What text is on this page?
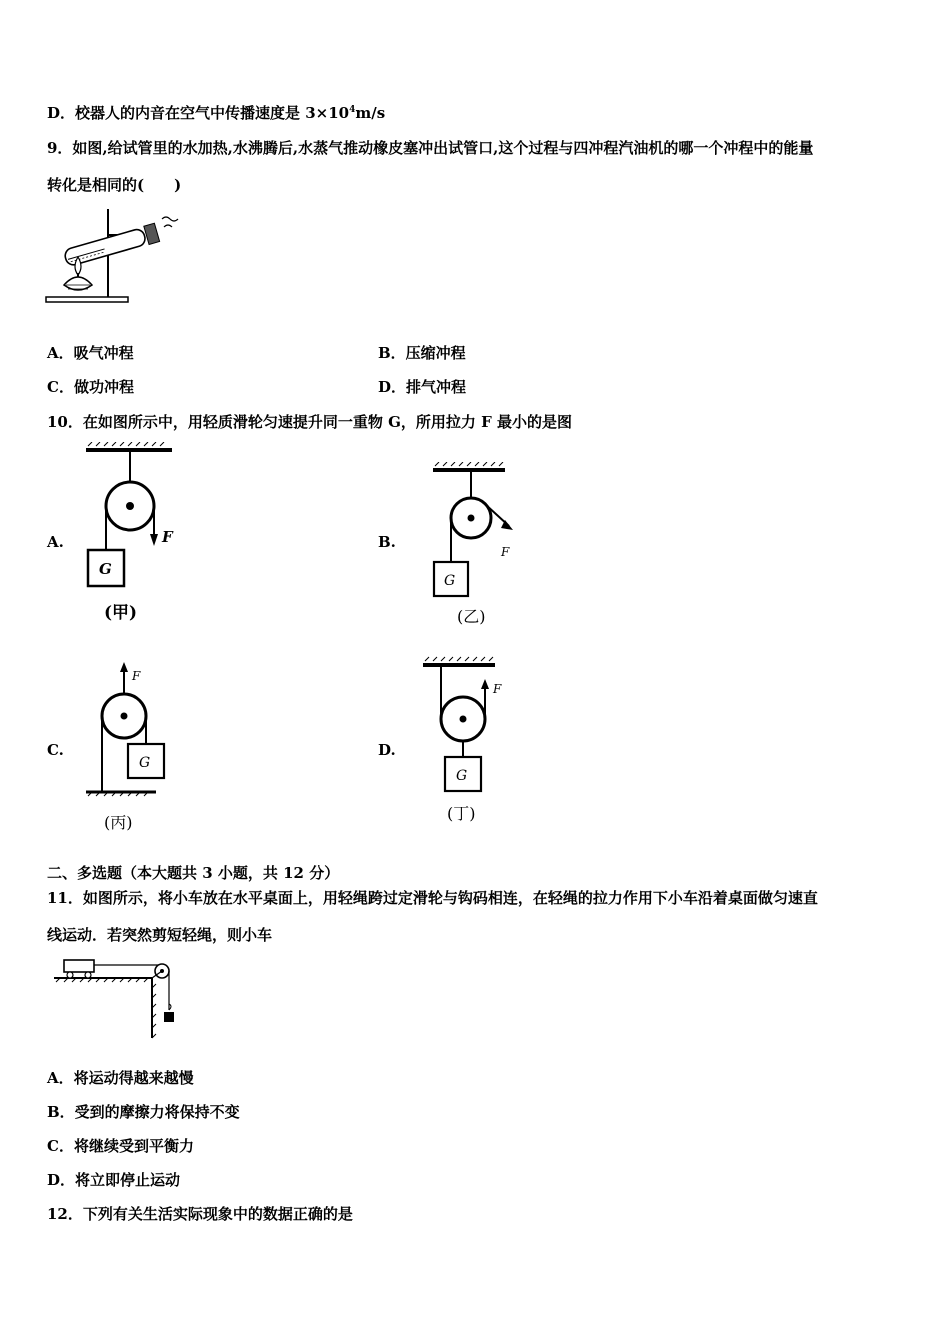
D．校器人的内音在空气中传播速度是 $3\times 10^4m/s$
9．如图,给试管里的水加热,水沸腾后,水蒸气推动橡皮塞冲出试管口,这个过程与四冲程汽油机的哪一个冲程中的能量
转化是相同的(　　)
A．吸气冲程	B．压缩冲程
C．做功冲程	D．排气冲程
10．在如图所示中，用轻质滑轮匀速提升同一重物 G，所用拉力 F 最小的是图
A.	B.
C.	D.
G
F
(甲)
G
F
(乙)
F
G
(丙)
F
G
(丁)
二、多选题（本大题共 3 小题，共 12 分）
11．如图所示，将小车放在水平桌面上，用轻绳跨过定滑轮与钩码相连，在轻绳的拉力作用下小车沿着桌面做匀速直
线运动．若突然剪短轻绳，则小车
A．将运动得越来越慢
B．受到的摩擦力将保持不变
C．将继续受到平衡力
D．将立即停止运动
12．下列有关生活实际现象中的数据正确的是
